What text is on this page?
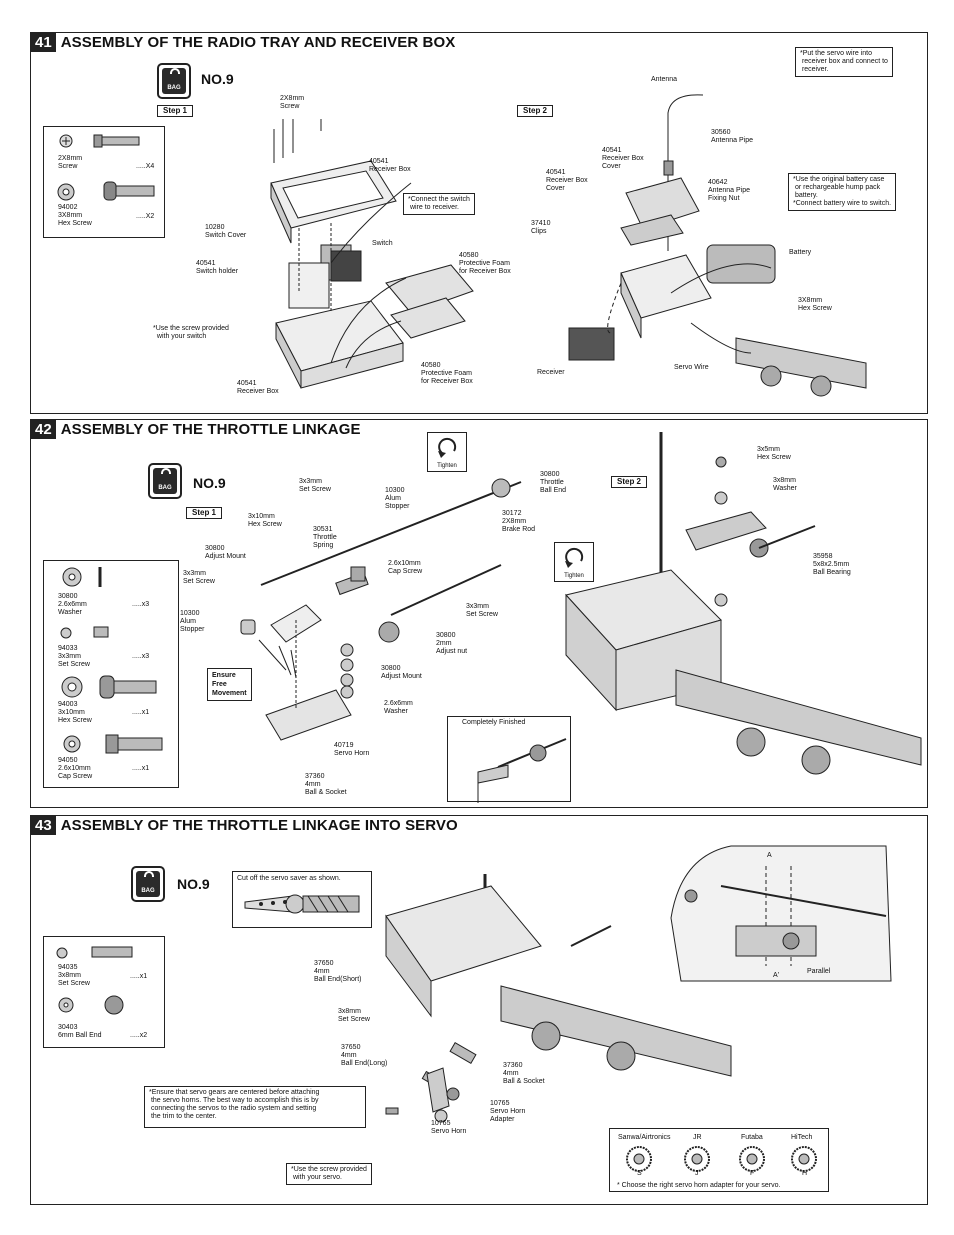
41 ASSEMBLY OF THE RADIO TRAY AND RECEIVER BOX
BAG
NO.9
Step 1	Step 2
2X8mm
Screw	.....X4
94002
3X8mm
Hex Screw
.....X2
2X8mm
Screw
40541
Receiver Box
10280
Switch Cover
40541
Switch holder
Switch
40580
Protective Foam
for Receiver Box
40580
Protective Foam
for Receiver Box
40541
Receiver Box
*Connect the switch
wire to receiver.
*Use the screw provided
with your switch
Antenna
*Put the servo wire into
receiver box and connect to
receiver.
30560
Antenna Pipe
40541
Receiver Box
Cover
40541
Receiver Box
Cover
40642
Antenna Pipe
Fixing Nut
37410
Clips
*Use the original battery case
or rechargeable hump pack
battery.
*Connect battery wire to switch.
Battery
3X8mm
Hex Screw
Receiver
Servo Wire
42 ASSEMBLY OF THE THROTTLE LINKAGE
BAG	NO.9
Step 1
Step 2
Tighten
Tighten
30800
2.6x6mm
Washer
.....x3
94033
3x3mm
Set Screw
.....x3
94003
3x10mm
Hex Screw
.....x1
94050
2.6x10mm
Cap Screw
.....x1
30800
Throttle
Ball End
3x3mm
Set Screw	10300
Alum
Stopper
30172
2X8mm
Brake Rod
3x10mm
Hex Screw
30531
Throttle
Spring
30800
Adjust Mount
2.6x10mm
Cap Screw
3x3mm
Set Screw
10300
Alum
Stopper
3x3mm
Set Screw
30800
2mm
Adjust nut
30800
Adjust Mount
2.6x6mm
Washer
40719
Servo Horn
37360
4mm
Ball & Socket
Ensure
Free
Movement
3x5mm
Hex Screw
3x8mm
Washer
35958
5x8x2.5mm
Ball Bearing
Completely Finished
43 ASSEMBLY OF THE THROTTLE LINKAGE INTO SERVO
BAG	NO.9	Cut off the servo saver as shown.
94035
3x8mm
Set Screw
.....x1
30403
6mm Ball End	.....x2
37650
4mm
Ball End(Short)
3x8mm
Set Screw
37650
4mm
Ball End(Long)	37360
4mm
Ball & Socket
10765
Servo Horn
Adapter
10765
Servo Horn
A
A'
Parallel
*Ensure that servo gears are centered before attaching
the servo horns. The best way to accomplish this is by
connecting the servos to the radio system and setting
the trim to the center.
*Use the screw provided
with your servo.
Sanwa/Airtronics	JR	Futaba	HiTech
S	J	F	H
* Choose the right servo horn adapter for your servo.
